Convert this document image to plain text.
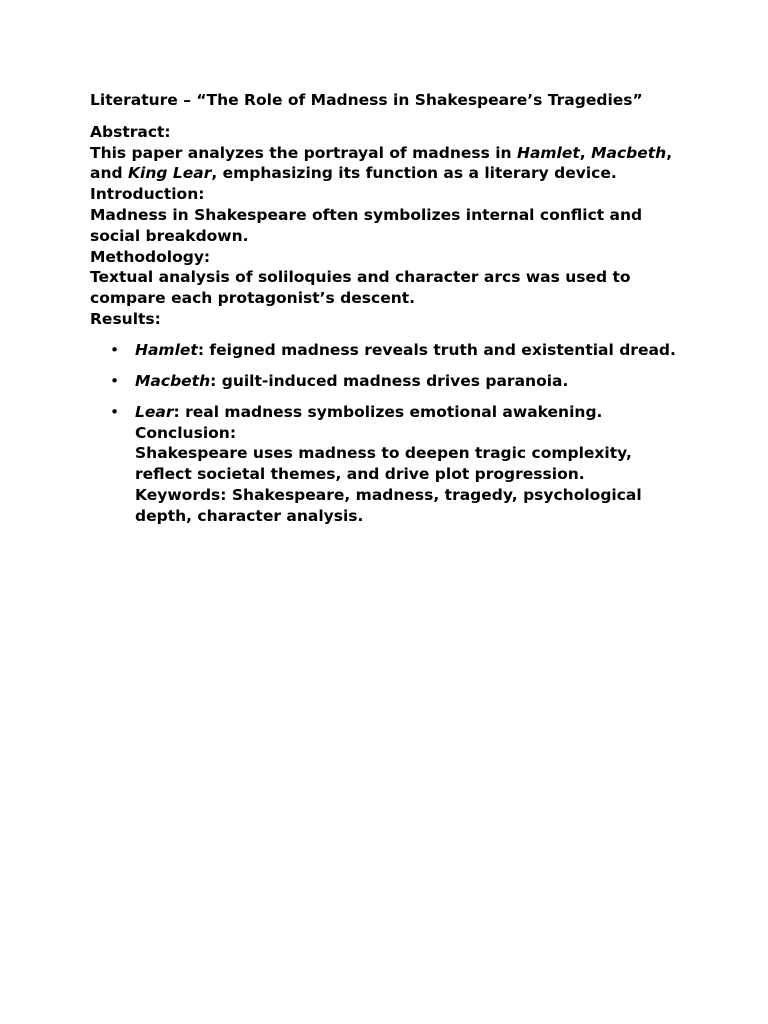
Literature – “The Role of Madness in Shakespeare’s Tragedies”
Abstract:

This paper analyzes the portrayal of madness in Hamlet, Macbeth,
and King Lear, emphasizing its function as a literary device.

Introduction:

Madness in Shakespeare often symbolizes internal conflict and social breakdown.

Methodology:

Textual analysis of soliloquies and character arcs was used to compare each protagonist’s descent.

Results:
• Hamlet: feigned madness reveals truth and existential dread.
• Macbeth: guilt-induced madness drives paranoia.
• Lear: real madness symbolizes emotional awakening.
Conclusion:
Shakespeare uses madness to deepen tragic complexity, reflect societal themes, and drive plot progression.
Keywords: Shakespeare, madness, tragedy, psychological depth, character analysis.
